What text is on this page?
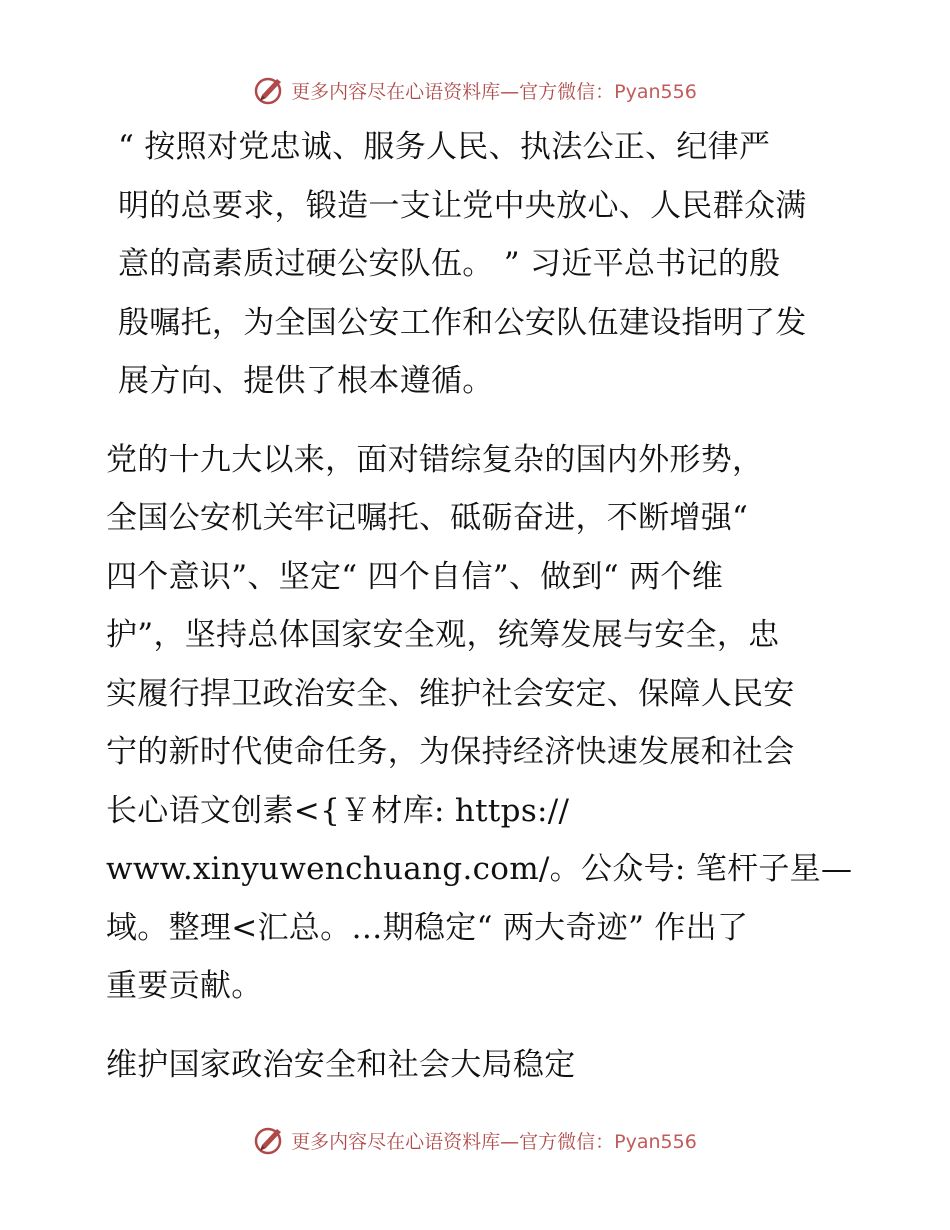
更多内容尽在心语资料库—官方微信：Pyan556

“ 按照对党忠诚、服务人民、执法公正、纪律严
明的总要求，锻造一支让党中央放心、人民群众满
意的高素质过硬公安队伍。 ” 习近平总书记的殷
殷嘱托，为全国公安工作和公安队伍建设指明了发
展方向、提供了根本遵循。

党的十九大以来，面对错综复杂的国内外形势，
全国公安机关牢记嘱托、砥砺奋进，不断增强“
四个意识”、坚定“ 四个自信”、做到“ 两个维
护”，坚持总体国家安全观，统筹发展与安全，忠
实履行捍卫政治安全、维护社会安定、保障人民安
宁的新时代使命任务，为保持经济快速发展和社会
长心语文创素<{￥材库: https://
www.xinyuwenchuang.com/。公众号: 笔杆子星—
域。整理<汇总。…期稳定“ 两大奇迹” 作出了
重要贡献。

维护国家政治安全和社会大局稳定

更多内容尽在心语资料库—官方微信：Pyan556
